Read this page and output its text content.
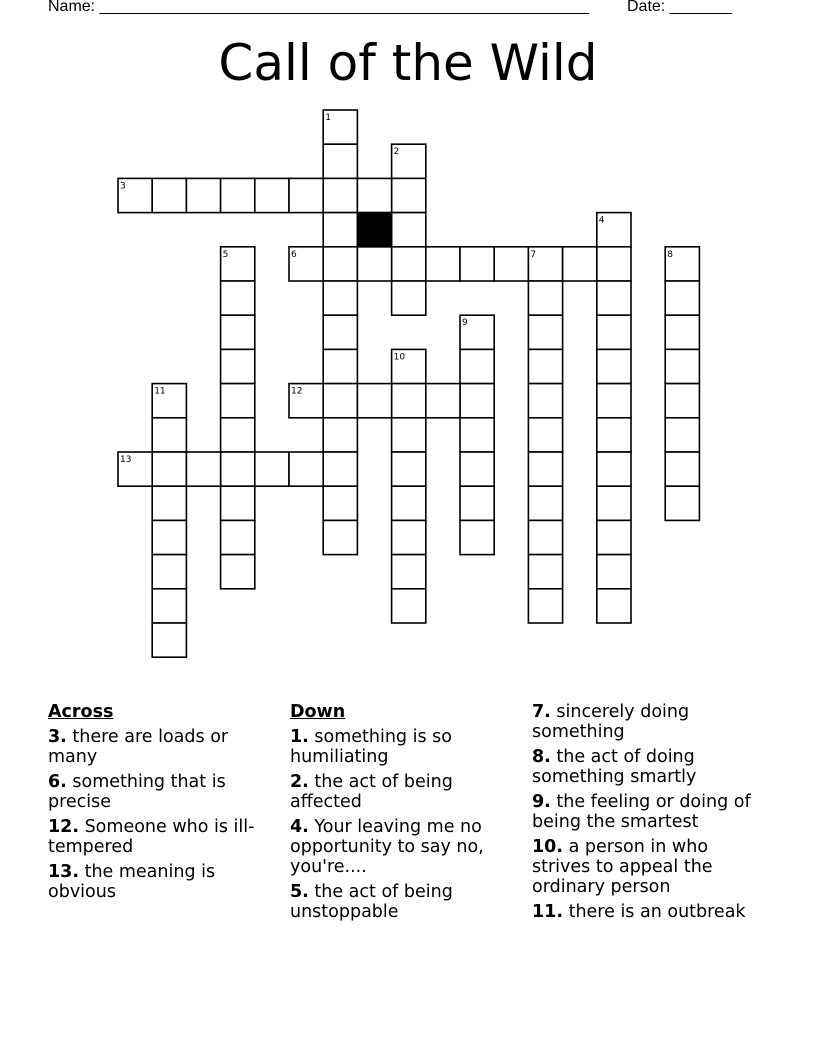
Name: _______________________________________________________ Date: _______
Call of the Wild
1
2
3
4
5	6	7	8
9
10
11	12
13
Across
3. there are loads or many
6. something that is precise
12. Someone who is ill-tempered
13. the meaning is obvious
Down
1. something is so humiliating
2. the act of being affected
4. Your leaving me no opportunity to say no, you're....
5. the act of being unstoppable
7. sincerely doing something
8. the act of doing something smartly
9. the feeling or doing of being the smartest
10. a person in who strives to appeal the ordinary person
11. there is an outbreak
